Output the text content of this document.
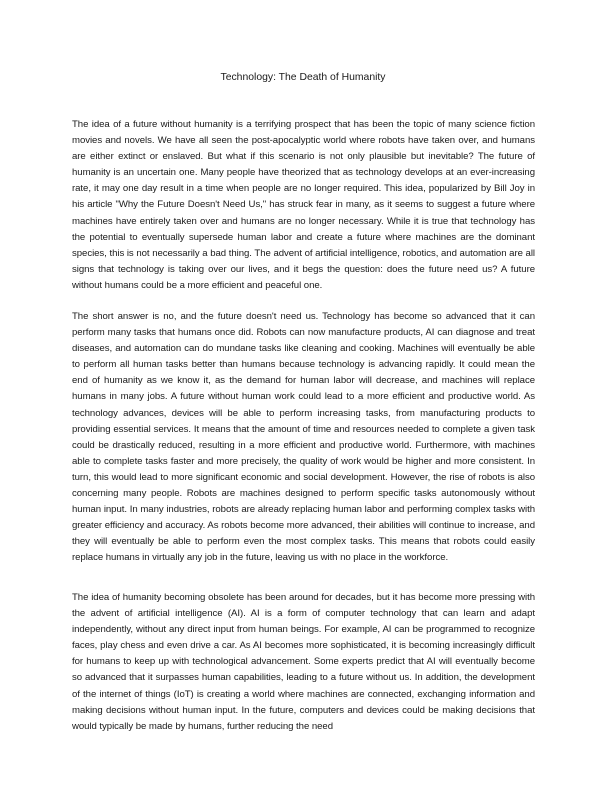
Technology: The Death of Humanity

The idea of a future without humanity is a terrifying prospect that has been the topic of many science fiction movies and novels. We have all seen the post-apocalyptic world where robots have taken over, and humans are either extinct or enslaved. But what if this scenario is not only plausible but inevitable? The future of humanity is an uncertain one. Many people have theorized that as technology develops at an ever-increasing rate, it may one day result in a time when people are no longer required. This idea, popularized by Bill Joy in his article "Why the Future Doesn't Need Us," has struck fear in many, as it seems to suggest a future where machines have entirely taken over and humans are no longer necessary. While it is true that technology has the potential to eventually supersede human labor and create a future where machines are the dominant species, this is not necessarily a bad thing. The advent of artificial intelligence, robotics, and automation are all signs that technology is taking over our lives, and it begs the question: does the future need us? A future without humans could be a more efficient and peaceful one.

The short answer is no, and the future doesn't need us. Technology has become so advanced that it can perform many tasks that humans once did. Robots can now manufacture products, AI can diagnose and treat diseases, and automation can do mundane tasks like cleaning and cooking. Machines will eventually be able to perform all human tasks better than humans because technology is advancing rapidly. It could mean the end of humanity as we know it, as the demand for human labor will decrease, and machines will replace humans in many jobs. A future without human work could lead to a more efficient and productive world. As technology advances, devices will be able to perform increasing tasks, from manufacturing products to providing essential services. It means that the amount of time and resources needed to complete a given task could be drastically reduced, resulting in a more efficient and productive world. Furthermore, with machines able to complete tasks faster and more precisely, the quality of work would be higher and more consistent. In turn, this would lead to more significant economic and social development. However, the rise of robots is also concerning many people. Robots are machines designed to perform specific tasks autonomously without human input. In many industries, robots are already replacing human labor and performing complex tasks with greater efficiency and accuracy. As robots become more advanced, their abilities will continue to increase, and they will eventually be able to perform even the most complex tasks. This means that robots could easily replace humans in virtually any job in the future, leaving us with no place in the workforce.

The idea of humanity becoming obsolete has been around for decades, but it has become more pressing with the advent of artificial intelligence (AI). AI is a form of computer technology that can learn and adapt independently, without any direct input from human beings. For example, AI can be programmed to recognize faces, play chess and even drive a car. As AI becomes more sophisticated, it is becoming increasingly difficult for humans to keep up with technological advancement. Some experts predict that AI will eventually become so advanced that it surpasses human capabilities, leading to a future without us. In addition, the development of the internet of things (IoT) is creating a world where machines are connected, exchanging information and making decisions without human input. In the future, computers and devices could be making decisions that would typically be made by humans, further reducing the need
